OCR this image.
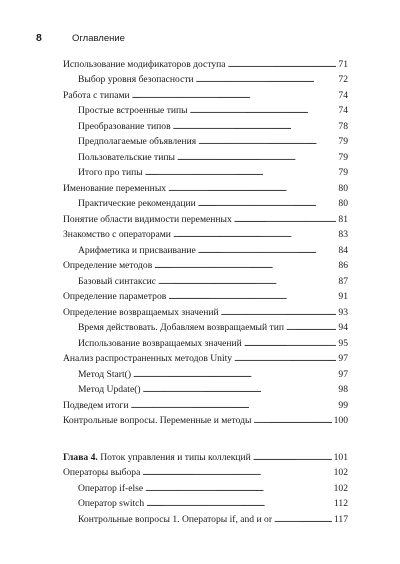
8	Оглавление
Использование модификаторов доступа . . .	71
Выбор уровня безопасности . . .	72
Работа с типами . . .	74
Простые встроенные типы . . .	74
Преобразование типов . . .	78
Предполагаемые объявления . . .	79
Пользовательские типы . . .	79
Итого про типы . . .	79
Именование переменных . . .	80
Практические рекомендации . . .	80
Понятие области видимости переменных . . .	81
Знакомство с операторами . . .	83
Арифметика и присваивание . . .	84
Определение методов . . .	86
Базовый синтаксис . . .	87
Определение параметров . . .	91
Определение возвращаемых значений . . .	93
Время действовать. Добавляем возвращаемый тип . . .	94
Использование возвращаемых значений . . .	95
Анализ распространенных методов Unity . . .	97
Метод Start() . . .	97
Метод Update() . . .	98
Подведем итоги . . .	99
Контрольные вопросы. Переменные и методы . . .	100
Глава 4. Поток управления и типы коллекций . . .	101
Операторы выбора . . .	102
Оператор if-else . . .	102
Оператор switch . . .	112
Контрольные вопросы 1. Операторы if, and и or . . .	117
